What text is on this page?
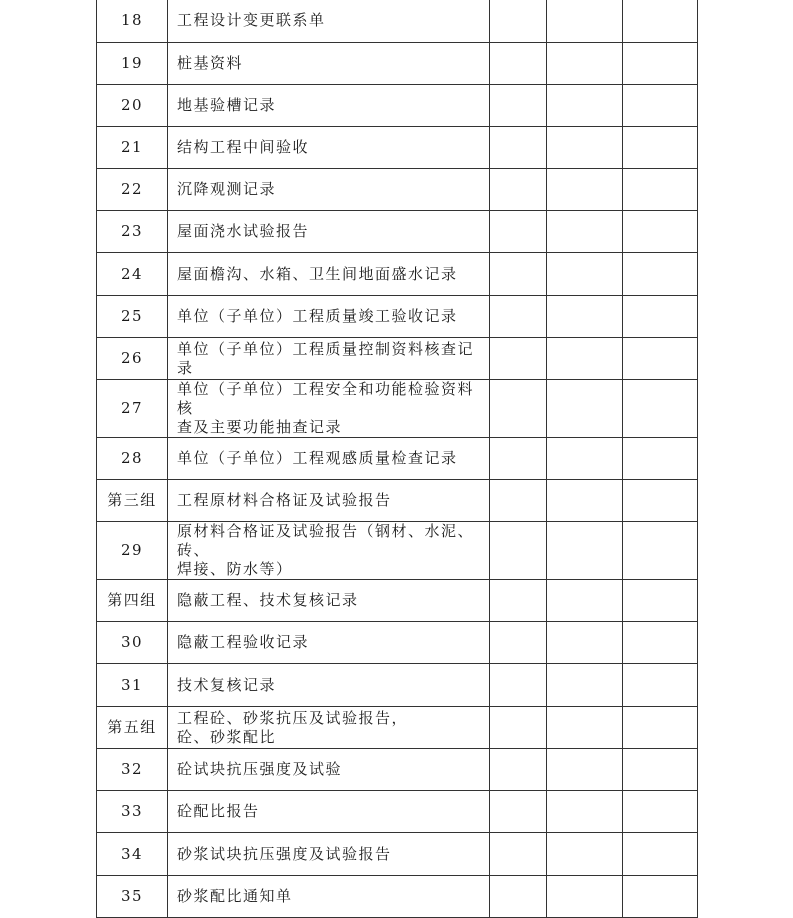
18	工程设计变更联系单			
19	桩基资料			
20	地基验槽记录			
21	结构工程中间验收			
22	沉降观测记录			
23	屋面浇水试验报告			
24	屋面檐沟、水箱、卫生间地面盛水记录			
25	单位（子单位）工程质量竣工验收记录			
26	单位（子单位）工程质量控制资料核查记录			
27	单位（子单位）工程安全和功能检验资料核
查及主要功能抽查记录			

28	单位（子单位）工程观感质量检查记录			
第三组	工程原材料合格证及试验报告			
29	原材料合格证及试验报告（钢材、水泥、砖、
焊接、防水等）			

第四组	隐蔽工程、技术复核记录			
30	隐蔽工程验收记录			
31	技术复核记录			
第五组	工程砼、砂浆抗压及试验报告，
砼、砂浆配比			

32	砼试块抗压强度及试验			
33	砼配比报告			
34	砂浆试块抗压强度及试验报告			
35	砂浆配比通知单			
